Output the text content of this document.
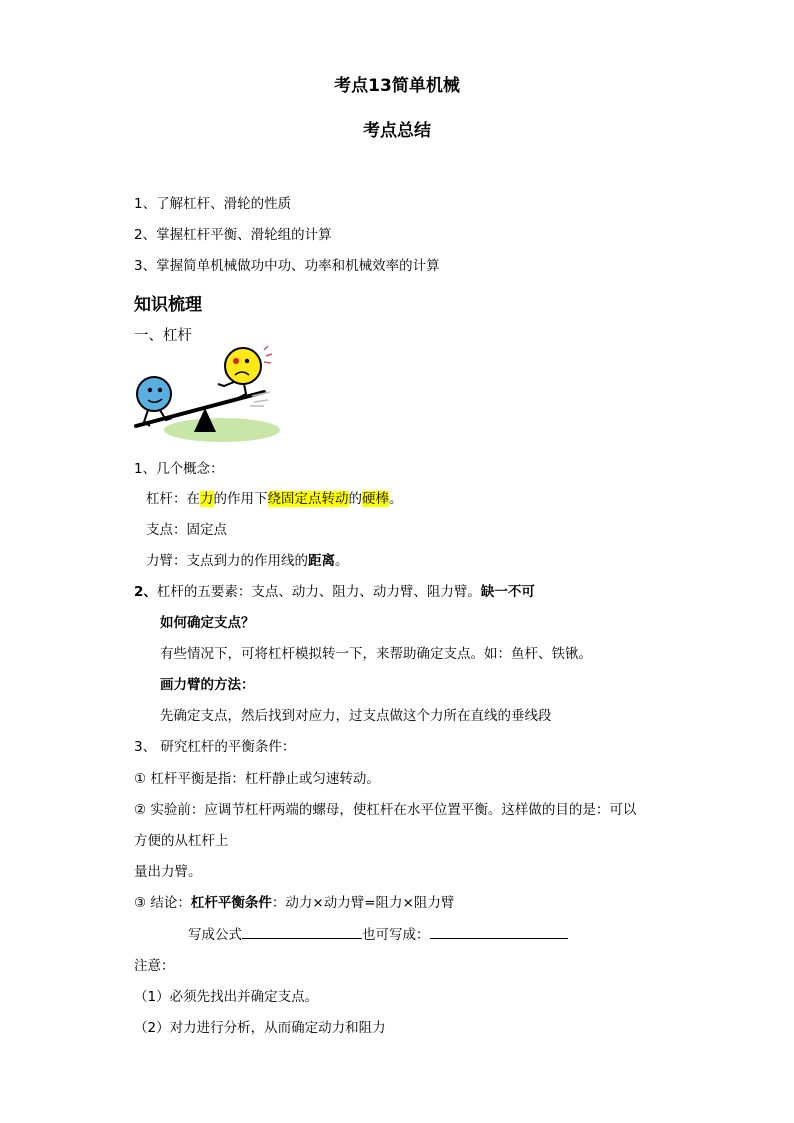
考点13简单机械
考点总结
1、了解杠杆、滑轮的性质
2、掌握杠杆平衡、滑轮组的计算
3、掌握简单机械做功中功、功率和机械效率的计算
知识梳理
一、杠杆
1、几个概念：
杠杆：在力的作用下绕固定点转动的硬棒。
支点：固定点
力臂：支点到力的作用线的距离。
2、杠杆的五要素：支点、动力、阻力、动力臂、阻力臂。缺一不可
如何确定支点？
有些情况下，可将杠杆模拟转一下，来帮助确定支点。如：鱼杆、铁锹。
画力臂的方法：
先确定支点，然后找到对应力，过支点做这个力所在直线的垂线段
3、 研究杠杆的平衡条件：
① 杠杆平衡是指：杠杆静止或匀速转动。
② 实验前：应调节杠杆两端的螺母，使杠杆在水平位置平衡。这样做的目的是：可以
方便的从杠杆上
量出力臂。
③ 结论：杠杆平衡条件：动力×动力臂=阻力×阻力臂
写成公式	也可写成：
注意：
（1）必须先找出并确定支点。
（2）对力进行分析，从而确定动力和阻力
